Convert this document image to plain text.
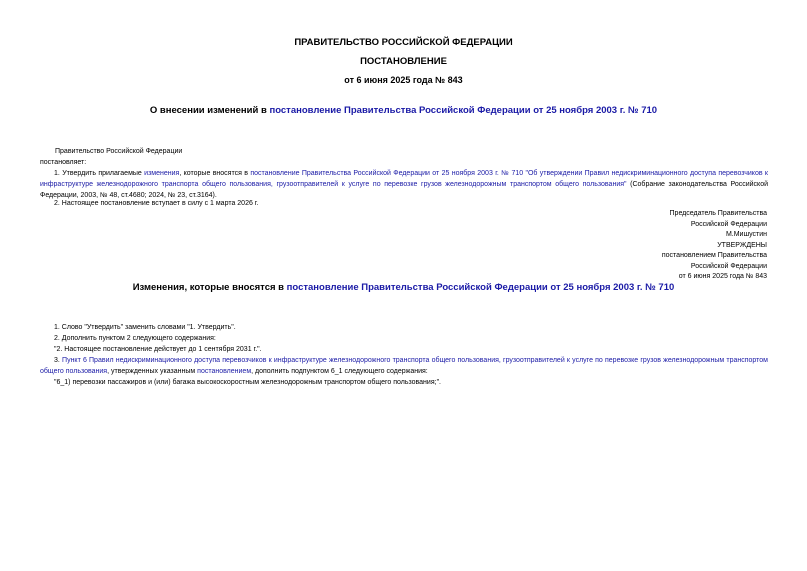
ПРАВИТЕЛЬСТВО РОССИЙСКОЙ ФЕДЕРАЦИИ
ПОСТАНОВЛЕНИЕ
от 6 июня 2025 года № 843
О внесении изменений в постановление Правительства Российской Федерации от 25 ноября 2003 г. № 710
Правительство Российской Федерации
постановляет:
1. Утвердить прилагаемые изменения, которые вносятся в постановление Правительства Российской Федерации от 25 ноября 2003 г. № 710 "Об утверждении Правил недискриминационного доступа перевозчиков к инфраструктуре железнодорожного транспорта общего пользования, грузоотправителей к услуге по перевозке грузов железнодорожным транспортом общего пользования" (Собрание законодательства Российской Федерации, 2003, № 48, ст.4680; 2024, № 23, ст.3164).
2. Настоящее постановление вступает в силу с 1 марта 2026 г.
Председатель Правительства
Российской Федерации
М.Мишустин
УТВЕРЖДЕНЫ
постановлением Правительства
Российской Федерации
от 6 июня 2025 года № 843
Изменения, которые вносятся в постановление Правительства Российской Федерации от 25 ноября 2003 г. № 710
1. Слово "Утвердить" заменить словами "1. Утвердить".
2. Дополнить пунктом 2 следующего содержания:
"2. Настоящее постановление действует до 1 сентября 2031 г.".
3. Пункт 6 Правил недискриминационного доступа перевозчиков к инфраструктуре железнодорожного транспорта общего пользования, грузоотправителей к услуге по перевозке грузов железнодорожным транспортом общего пользования, утвержденных указанным постановлением, дополнить подпунктом 6_1 следующего содержания:
"6_1) перевозки пассажиров и (или) багажа высокоскоростным железнодорожным транспортом общего пользования;".
